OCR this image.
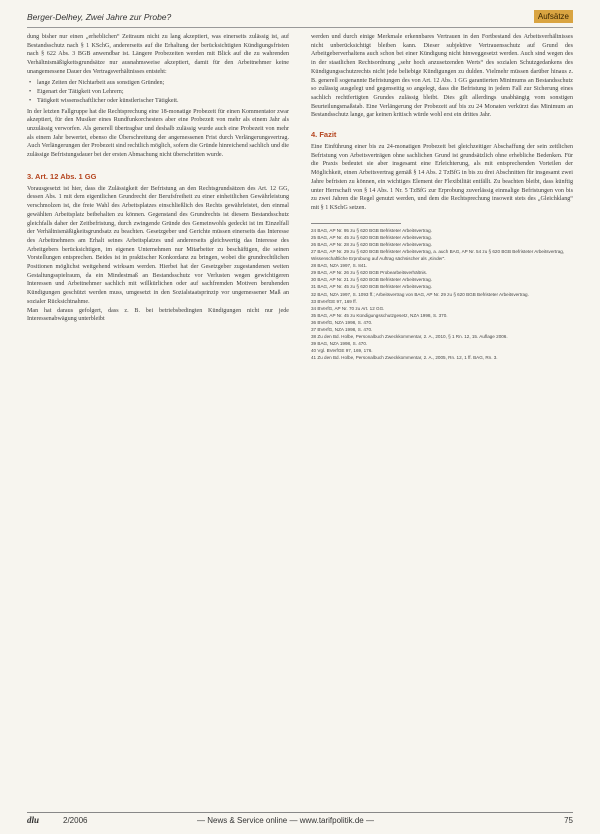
Berger-Delhey, Zwei Jahre zur Probe?	Aufsätze

dung bisher nur einen „erheblichen“ Zeitraum nicht zu lang akzeptiert, was einerseits zulässig ist, auf Bestandsschutz nach § 1 KSchG, andererseits auf die Erhaltung der berücksichtigten Kündigungsfristen nach § 622 Abs. 3 BGB anwendbar ist. Längere Probezeiten werden mit Blick auf die zu wahrenden Verhältnismäßigkeitsgrundsätze nur ausnahmsweise akzeptiert, damit für den Arbeitnehmer keine unangemessene Dauer des Vertragsverhältnisses entsteht:

• lange Zeiten der Nichtarbeit aus sonstigen Gründen;
• Eigenart der Tätigkeit von Lehrern;
• Tätigkeit wissenschaftlicher oder künstlerischer Tätigkeit.

In der letzten Fallgruppe hat die Rechtsprechung eine 18-monatige Probezeit für einen Kommentator zwar akzeptiert, für den Musiker eines Rundfunkorchesters aber eine Probezeit von mehr als einem Jahr als unzulässig verworfen. Als generell übertragbar und deshalb zulässig wurde auch eine Probezeit von mehr als einem Jahr bewertet, ebenso die Überschreitung der angemessenen Frist durch Verlängerungsvertrag. Auch Verlängerungen der Probezeit sind rechtlich möglich, sofern die Gründe hinreichend sachlich und die zulässige Befristungsdauer bei der ersten Abmachung nicht überschritten wurde.

3. Art. 12 Abs. 1 GG

Vorausgesetzt ist hier, dass die Zulässigkeit der Befristung an den Rechtsgrundsätzen des Art. 12 GG, dessen Abs. 1 mit dem eigentlichen Grundrecht der Berufsfreiheit zu einer einheitlichen Gewährleistung verschmolzen ist, die freie Wahl des Arbeitsplatzes einschließlich des Rechts gewährleistet, den einmal gewählten Arbeitsplatz beibehalten zu können. Gegenstand des Grundrechts ist diesem Bestandsschutz gleichfalls daher der Zeitbefristung, durch zwingende Gründe des Gemeinwohls gedeckt ist im Einzelfall der Verhältnismäßigkeitsgrundsatz zu beachten. Gesetzgeber und Gerichte müssen einerseits das Interesse des Arbeitnehmers am Erhalt seines Arbeitsplatzes und andererseits gleichwertig das Interesse des Arbeitgebers berücksichtigen, im eigenen Unternehmen nur Mitarbeiter zu beschäftigen, die seinen Vorstellungen entsprechen. Beides ist in praktischer Konkordanz zu bringen, wobei die grundrechtlichen Positionen möglichst weitgehend wirksam werden. Hierbei hat der Gesetzgeber zugestandenen weiten Gestaltungsspielraum, da ein Mindestmaß an Bestandsschutz vor Verlusten wegen gewichtigeren Interessen und Arbeitnehmer sachlich mit willkürlichen oder auf sachfremden Motiven beruhenden Kündigungen geschützt werden muss, umgesetzt in den Sozialstaatsprinzip vor ungemessener Maß an sozialer Rücksichtnahme.

Man hat daraus gefolgert, dass z. B. bei betriebsbedingten Kündigungen nicht nur jede Interessenabwägung unterbleibt

werden und durch einige Merkmale erkennbares Vertrauen in den Fortbestand des Arbeitsverhältnisses nicht unberücksichtigt bleiben kann. Dieser subjektive Vertrauensschutz auf Grund des Arbeitgeberverhaltens auch schon bei einer Kündigung nicht hinweggesetzt werden. Auch sind wegen des in der staatlichen Rechtsordnung „sehr hoch anzusetzenden Werts“ des sozialen Schutzgedankens des Kündigungsschutzrechts nicht jede beliebige Kündigungen zu dulden. Vielmehr müssen darüber hinaus z. B. generell sogenannte Befristungen des von Art. 12 Abs. 1 GG garantierten Minimums an Bestandsschutz so zulässig ausgelegt und gegenseitig so angelegt, dass die Befristung in jedem Fall zur Sicherung eines sachlich rechtfertigten Grundes zulässig bleibt. Dies gilt allerdings unabhängig vom sonstigen Beurteilungsmaßstab. Eine Verlängerung der Probezeit auf bis zu 24 Monaten verkürzt das Minimum an Bestandsschutz lange, gar keinen kritisch würde wohl erst ein drittes Jahr.

4. Fazit

Eine Einführung einer bis zu 24-monatigen Probezeit bei gleichzeitiger Abschaffung der sein zeitlichen Befristung von Arbeitsverträgen ohne sachlichen Grund ist grundsätzlich ohne erhebliche Bedenken. Für die Praxis bedeutet sie aber insgesamt eine Erleichterung, als mit entsprechenden Vorteilen der Möglichkeit, einen Arbeitsvertrag gemäß § 14 Abs. 2 TzBfG in bis zu drei Abschnitten für insgesamt zwei Jahre befristen zu können, ein wichtiges Element der Flexibilität entfällt. Zu beachten bleibt, dass künftig unter Herrschaft von § 14 Abs. 1 Nr. 5 TzBfG zur Erprobung zuverlässig einmalige Befristungen von bis zu zwei Jahren die Regel genutzt werden, und dem die Rechtsprechung insoweit stets des „Gleichklang“ mit § 1 KSchG setzen.

24 BAG, AP Nr. 95 zu § 620 BGB Befristeter Arbeitsvertrag.
25 BAG, AP Nr. 45 zu § 620 BGB Befristeter Arbeitsvertrag.
26 BAG, AP Nr. 28 zu § 620 BGB Befristeter Arbeitsvertrag.
27 BAG, AP Nr. 29 zu § 620 BGB Befristeter Arbeitsvertrag, a. auch BAG, AP Nr. 54 zu § 620 BGB Befristeter Arbeitsvertrag, Wissenschaftliche Erprobung auf Auftrag sächsischer als „Kinder“.
28 BAG, NZA 1997, S. 841.
29 BAG, AP Nr. 26 zu § 620 BGB Probearbeitsverhältnis.
30 BAG, AP Nr. 21 zu § 620 BGB Befristeter Arbeitsvertrag.
31 BAG, AP Nr. 45 zu § 620 BGB Befristeter Arbeitsvertrag.
32 BAG, NZA 1997, S. 1093 ff.; Arbeitsvertrag von BAG, AP Nr. 29 zu § 620 BGB Befristeter Arbeitsvertrag.
33 BVerfGE 97, 169 ff.
34 BVerfG, AP Nr. 70 zu Art. 12 GG.
35 BAG, AP Nr. 45 zu Kündigungsschutzgesetz, NZA 1998, S. 370.
36 BVerfG, NZA 1998, S. 470.
37 BVerfG, NZA 1998, S. 470.
38 Zu den Bd. Holbe, Personalbuch Zweckkommentar, 2. A., 2010, § 1 Rn. 12, 15. Auflage 2006.
39 BAG, NZA 1998, S. 470.
40 Vgl. BVerfGE 97, 169, 176.
41 Zu den Bd. Holbe, Personalbuch Zweckkommentar, 2. A., 2005, Rn. 12, 1 ff. BAG, Rn. 3.
dlu	2/2006	— News & Service online — www.tarifpolitik.de —	75
